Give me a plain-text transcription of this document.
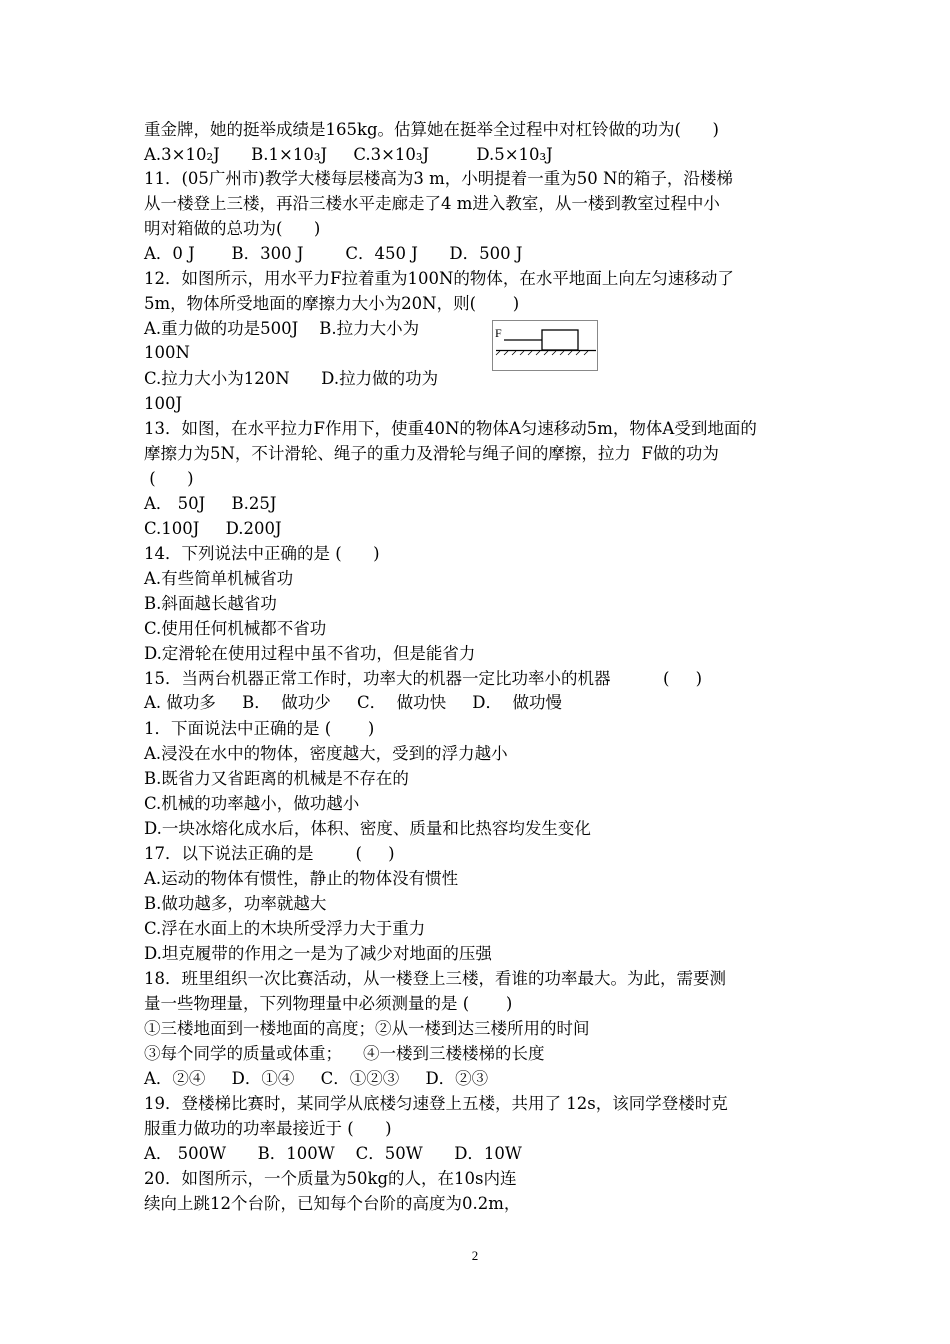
重金牌，她的挺举成绩是165kg。估算她在挺举全过程中对杠铃做的功为(      )
A.3×10₂J      B.1×10₃J     C.3×10₃J         D.5×10₃J
11．(05广州市)教学大楼每层楼高为3 m，小明提着一重为50 N的箱子，沿楼梯
从一楼登上三楼，再沿三楼水平走廊走了4 m进入教室，从一楼到教室过程中小
明对箱做的总功为(      )
A．0 J       B．300 J        C．450 J      D．500 J
12．如图所示，用水平力F拉着重为100N的物体，在水平地面上向左匀速移动了
5m，物体所受地面的摩擦力大小为20N，则(       )
A.重力做的功是500J    B.拉力大小为
100N
C.拉力大小为120N      D.拉力做的功为
100J
13．如图，在水平拉力F作用下，使重40N的物体A匀速移动5m，物体A受到地面的
摩擦力为5N，不计滑轮、绳子的重力及滑轮与绳子间的摩擦，拉力  F做的功为
(      )
A． 50J     B.25J
C.100J     D.200J
14．下列说法中正确的是 (      )
A.有些简单机械省功
B.斜面越长越省功
C.使用任何机械都不省功
D.定滑轮在使用过程中虽不省功，但是能省力
15．当两台机器正常工作时，功率大的机器一定比功率小的机器          (     )
A. 做功多     B．  做功少     C．  做功快     D．  做功慢
1．下面说法中正确的是 (       )
A.浸没在水中的物体，密度越大，受到的浮力越小
B.既省力又省距离的机械是不存在的
C.机械的功率越小，做功越小
D.一块冰熔化成水后，体积、密度、质量和比热容均发生变化
17．以下说法正确的是        (     )
A.运动的物体有惯性，静止的物体没有惯性
B.做功越多，功率就越大
C.浮在水面上的木块所受浮力大于重力
D.坦克履带的作用之一是为了减少对地面的压强
18．班里组织一次比赛活动，从一楼登上三楼，看谁的功率最大。为此，需要测
量一些物理量，下列物理量中必须测量的是 (       )
①三楼地面到一楼地面的高度；②从一楼到达三楼所用的时间
③每个同学的质量或体重；    ④一楼到三楼楼梯的长度
A．②④     D．①④     C．①②③     D．②③
19．登楼梯比赛时，某同学从底楼匀速登上五楼，共用了 12s，该同学登楼时克
服重力做功的功率最接近于 (      )
A． 500W      B．100W    C．50W      D．10W
20．如图所示，一个质量为50kg的人，在10s内连
续向上跳12个台阶，已知每个台阶的高度为0.2m，
F
2
